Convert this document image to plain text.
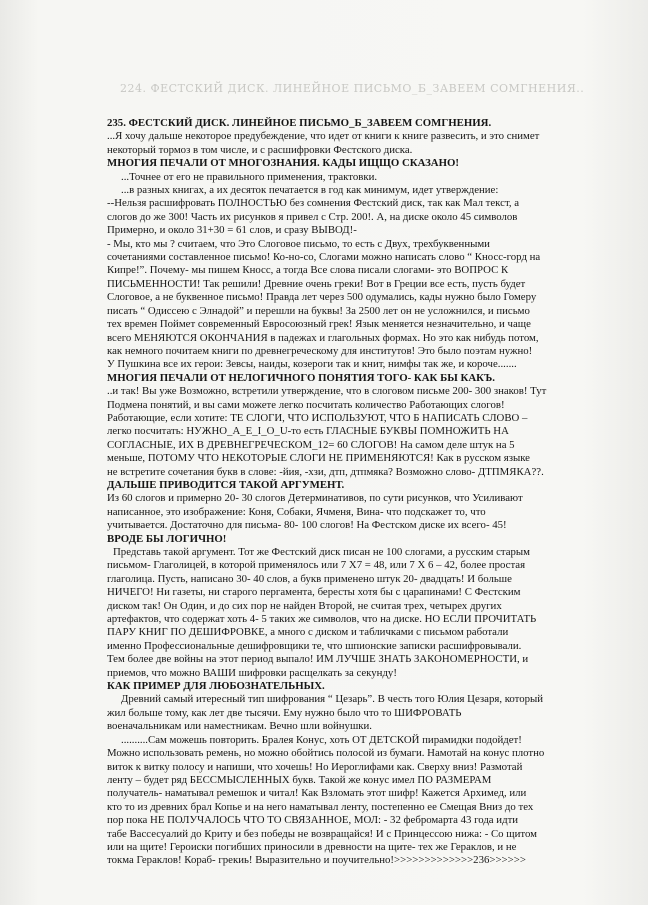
224. ФЕСТСКИЙ ДИСК. ЛИНЕЙНОЕ ПИСЬМО_Б_ЗАВЕЕМ СОМГНЕНИЯ..
235. ФЕСТСКИЙ ДИСК. ЛИНЕЙНОЕ ПИСЬМО_Б_ЗАВЕЕМ СОМГНЕНИЯ.
...Я хочу дальше некоторое предубеждение, что идет от книги к книге развесить, и это снимет
некоторый тормоз в том числе, и с расшифровки Фестского диска.
МНОГИЯ ПЕЧАЛИ ОТ МНОГОЗНАНИЯ. КАДЫ ИЩЩО СКАЗАНО!
...Точнее от его не правильного применения, трактовки.
...в разных книгах, а их десяток печатается в год как минимум, идет утверждение:
--Нельзя расшифровать ПОЛНОСТЬЮ без сомнения Фестский диск, так как Мал текст, а
слогов до же 300! Часть их рисунков я привел с Стр. 200!. А, на диске около 45 символов
Примерно, и около 31+30 = 61 слов, и сразу ВЫВОД!-
- Мы, кто мы ? считаем, что Это Слоговое письмо, то есть с Двух, трехбуквенными
сочетаниями составленное письмо! Ко-но-со, Слогами можно написать слово “ Кносс-горд на
Кипре!”. Почему- мы пишем Кносс, а тогда Все слова писали слогами- это ВОПРОС К
ПИСЬМЕННОСТИ! Так решили! Древние очень греки! Вот в Греции все есть, пусть будет
Слоговое, а не буквенное письмо! Правда лет через 500 одумались, кады нужно было Гомеру
писать “ Одиссею с Элнадой” и перешли на буквы! За 2500 лет он не усложнился, и письмо
тех времен Поймет современный Евросоюзный грек! Язык меняется незначительно, и чаще
всего МЕНЯЮТСЯ ОКОНЧАНИЯ в падежах и глагольных формах. Но это как нибудь потом,
как немного почитаем книги по древнегреческому для институтов! Это было поэтам нужно!
У Пушкина все их герои: Зевсы, наиды, козероги так и книт, нимфы так же, и короче.......
МНОГИЯ ПЕЧАЛИ ОТ НЕЛОГИЧНОГО ПОНЯТИЯ ТОГО- КАК БЫ КАКЪ.
..и так! Вы уже Возможно, встретили утверждение, что в слоговом письме 200- 300 знаков! Тут
Подмена понятий, и вы сами можете легко посчитать количество Работающих слогов!
Работающие, если хотите: ТЕ СЛОГИ, ЧТО ИСПОЛЬЗУЮТ, ЧТО Б НАПИСАТЬ СЛОВО –
легко посчитать: НУЖНО_А_E_I_O_U-то есть ГЛАСНЫЕ БУКВЫ ПОМНОЖИТЬ НА
СОГЛАСНЫЕ, ИХ В ДРЕВНЕГРЕЧЕСКОМ_12= 60 СЛОГОВ! На самом деле штук на 5
меньше, ПОТОМУ ЧТО НЕКОТОРЫЕ СЛОГИ НЕ ПРИМЕНЯЮТСЯ! Как в русском языке
не встретите сочетания букв в слове: -йия, -хзи, дтп, дтпмяка? Возможно слово- ДТПМЯКА??.
ДАЛЬШЕ ПРИВОДИТСЯ ТАКОЙ АРГУМЕНТ.
Из 60 слогов и примерно 20- 30 слогов Детерминативов, по сути рисунков, что Усиливают
написанное, это изображение: Коня, Собаки, Ячменя, Вина- что подскажет то, что
учитывается. Достаточно для письма- 80- 100 слогов! На Фестском диске их всего- 45!
ВРОДЕ БЫ ЛОГИЧНО!
Представь такой аргумент. Тот же Фестский диск писан не 100 слогами, а русским старым
письмом- Глаголицей, в которой применялось или 7 Х7 = 48, или 7 Х 6 – 42, более простая
глаголица. Пусть, написано 30- 40 слов, а букв применено штук 20- двадцать! И больше
НИЧЕГО! Ни газеты, ни старого пергамента, бересты хотя бы с царапинами! С Фестским
диском так! Он Один, и до сих пор не найден Второй, не считая трех, четырех других
артефактов, что содержат хоть 4- 5 таких же символов, что на диске. НО ЕСЛИ ПРОЧИТАТЬ
ПАРУ КНИГ ПО ДЕШИФРОВКЕ, а много с диском и табличками с письмом работали
именно Профессиональные дешифровщики те, что шпионские записки расшифровывали.
Тем более две войны на этот период выпало! ИМ ЛУЧШЕ ЗНАТЬ ЗАКОНОМЕРНОСТИ, и
приемов, что можно ВАШИ шифровки расщелкать за секунду!
КАК ПРИМЕР ДЛЯ ЛЮБОЗНАТЕЛЬНЫХ.
Древний самый итересный тип шифрования “ Цезарь”. В честь того Юлия Цезаря, который
жил больше тому, как лет две тысячи. Ему нужно было что то ШИФРОВАТЬ
военачальникам или наместникам. Вечно шли войнушки.
..........Сам можешь повторить. Бралея Конус, хоть ОТ ДЕТСКОЙ пирамидки подойдет!
Можно использовать ремень, но можно обойтись полосой из бумаги. Намотай на конус плотно
виток к витку полосу и напиши, что хочешь! Но Иероглифами как. Сверху вниз! Размотай
ленту – будет ряд БЕССМЫСЛЕННЫХ букв. Такой же конус имел ПО РАЗМЕРАМ
получатель- наматывал ремешок и читал! Как Взломать этот шифр! Кажется Архимед, или
кто то из древних брал Копье и на него наматывал ленту, постепенно ее Смещая Вниз до тех
пор пока НЕ ПОЛУЧАЛОСЬ ЧТО ТО СВЯЗАННОЕ, МОЛ: - 32 фебромарта 43 года идти
табе Вассесуалий до Криту и без победы не возвращайся! И с Принцессою нижа: - Со щитом
или на щите! Героиски погибших приносили в древности на щите- тех же Гераклов, и не
токма Гераклов! Кораб- грекиь! Выразительно и поучительно!>>>>>>>>>>>>>236>>>>>>
